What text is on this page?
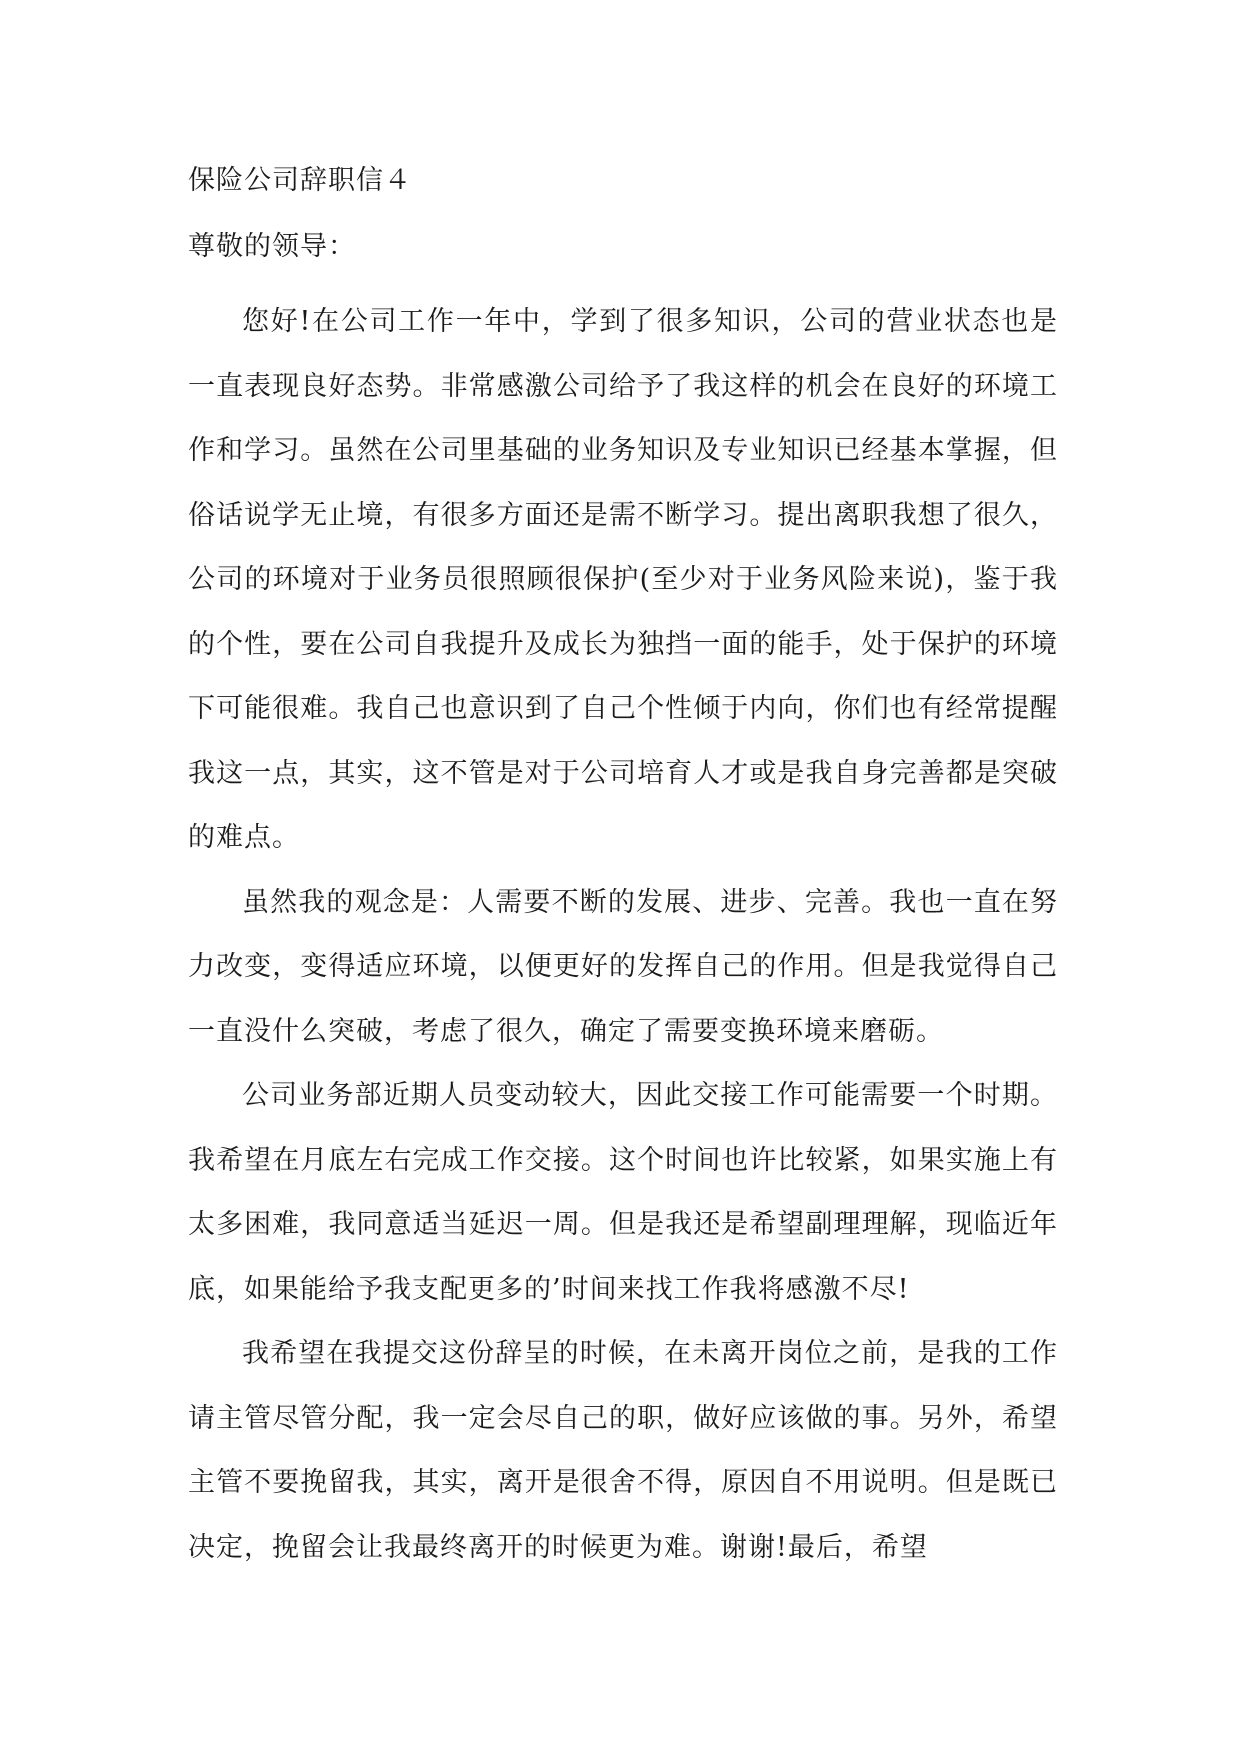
保险公司辞职信４

尊敬的领导：

您好!在公司工作一年中，学到了很多知识，公司的营业状态也是一直表现良好态势。非常感激公司给予了我这样的机会在良好的环境工作和学习。虽然在公司里基础的业务知识及专业知识已经基本掌握，但俗话说学无止境，有很多方面还是需不断学习。提出离职我想了很久，公司的环境对于业务员很照顾很保护(至少对于业务风险来说)，鉴于我的个性，要在公司自我提升及成长为独挡一面的能手，处于保护的环境下可能很难。我自己也意识到了自己个性倾于内向，你们也有经常提醒我这一点，其实，这不管是对于公司培育人才或是我自身完善都是突破的难点。

虽然我的观念是：人需要不断的发展、进步、完善。我也一直在努力改变，变得适应环境，以便更好的发挥自己的作用。但是我觉得自己一直没什么突破，考虑了很久，确定了需要变换环境来磨砺。

公司业务部近期人员变动较大，因此交接工作可能需要一个时期。我希望在月底左右完成工作交接。这个时间也许比较紧，如果实施上有太多困难，我同意适当延迟一周。但是我还是希望副理理解，现临近年底，如果能给予我支配更多的’时间来找工作我将感激不尽!

我希望在我提交这份辞呈的时候，在未离开岗位之前，是我的工作请主管尽管分配，我一定会尽自己的职，做好应该做的事。另外，希望主管不要挽留我，其实，离开是很舍不得，原因自不用说明。但是既已决定，挽留会让我最终离开的时候更为难。谢谢!最后，希望
